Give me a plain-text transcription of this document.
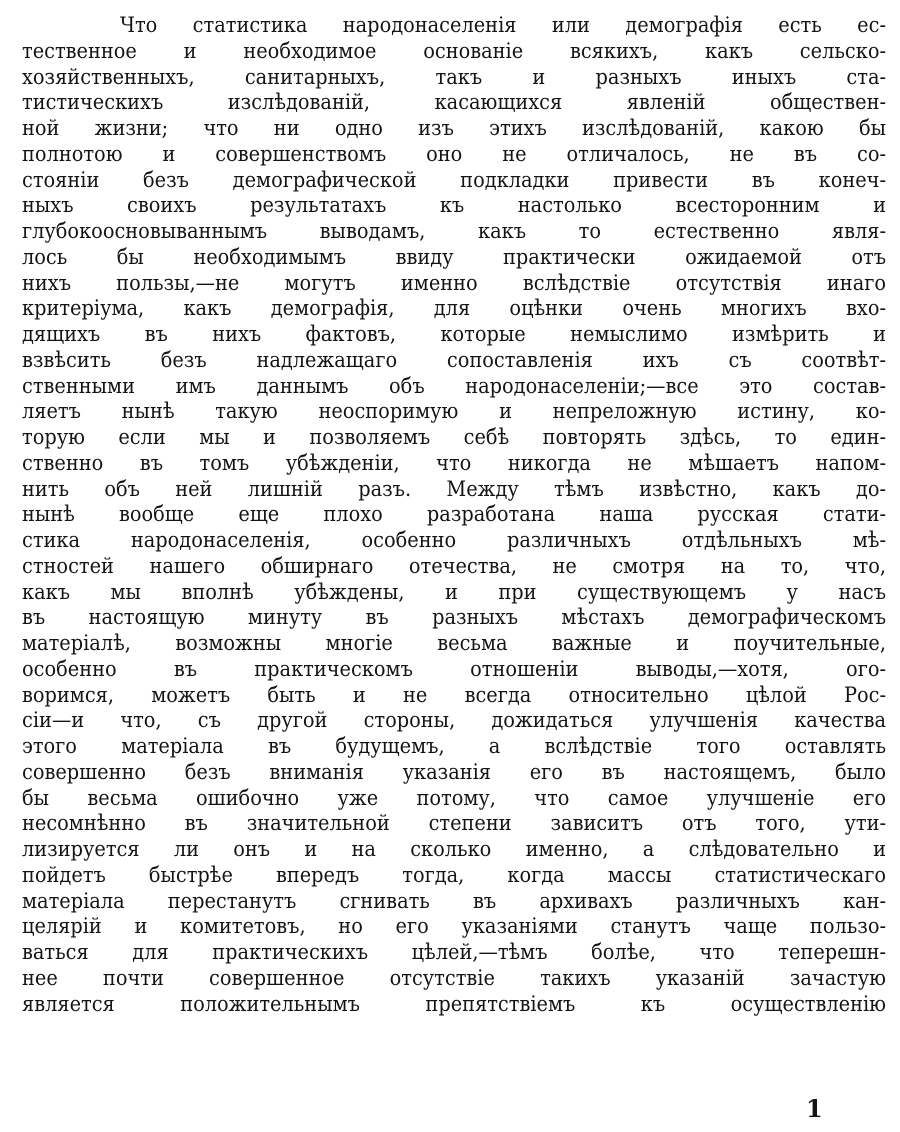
Что статистика народонаселенія или демографія есть ес-
тественное и необходимое основаніе всякихъ, какъ сельско-
хозяйственныхъ, санитарныхъ, такъ и разныхъ иныхъ ста-
тистическихъ изслѣдованій, касающихся явленій обществен-
ной жизни; что ни одно изъ этихъ изслѣдованій, какою бы
полнотою и совершенствомъ оно не отличалось, не въ со-
стояніи безъ демографической подкладки привести въ конеч-
ныхъ своихъ результатахъ къ настолько всесторонним и
глубокоосновываннымъ выводамъ, какъ то естественно явля-
лось бы необходимымъ ввиду практически ожидаемой отъ
нихъ пользы,—не могутъ именно вслѣдствіе отсутствія инаго
критеріума, какъ демографія, для оцѣнки очень многихъ вхо-
дящихъ въ нихъ фактовъ, которые немыслимо измѣрить и
взвѣсить безъ надлежащаго сопоставленія ихъ съ соотвѣт-
ственными имъ даннымъ объ народонаселеніи;—все это состав-
ляетъ нынѣ такую неоспоримую и непреложную истину, ко-
торую если мы и позволяемъ себѣ повторять здѣсь, то един-
ственно въ томъ убѣжденіи, что никогда не мѣшаетъ напом-
нить объ ней лишній разъ. Между тѣмъ извѣстно, какъ до-
нынѣ вообще еще плохо разработана наша русская стати-
стика народонаселенія, особенно различныхъ отдѣльныхъ мѣ-
стностей нашего обширнаго отечества, не смотря на то, что,
какъ мы вполнѣ убѣждены, и при существующемъ у насъ
въ настоящую минуту въ разныхъ мѣстахъ демографическомъ
матеріалѣ, возможны многіе весьма важные и поучительные,
особенно въ практическомъ отношеніи выводы,—хотя, ого-
воримся, можетъ быть и не всегда относительно цѣлой Рос-
сіи—и что, съ другой стороны, дожидаться улучшенія качества
этого матеріала въ будущемъ, а вслѣдствіе того оставлять
совершенно безъ вниманія указанія его въ настоящемъ, было
бы весьма ошибочно уже потому, что самое улучшеніе его
несомнѣнно въ значительной степени зависитъ отъ того, ути-
лизируется ли онъ и на сколько именно, а слѣдовательно и
пойдетъ быстрѣе впередъ тогда, когда массы статистическаго
матеріала перестанутъ сгнивать въ архивахъ различныхъ кан-
целярій и комитетовъ, но его указаніями станутъ чаще пользо-
ваться для практическихъ цѣлей,—тѣмъ болѣе, что теперешн-
нее почти совершенное отсутствіе такихъ указаній зачастую
является положительнымъ препятствіемъ къ осуществленію
1
